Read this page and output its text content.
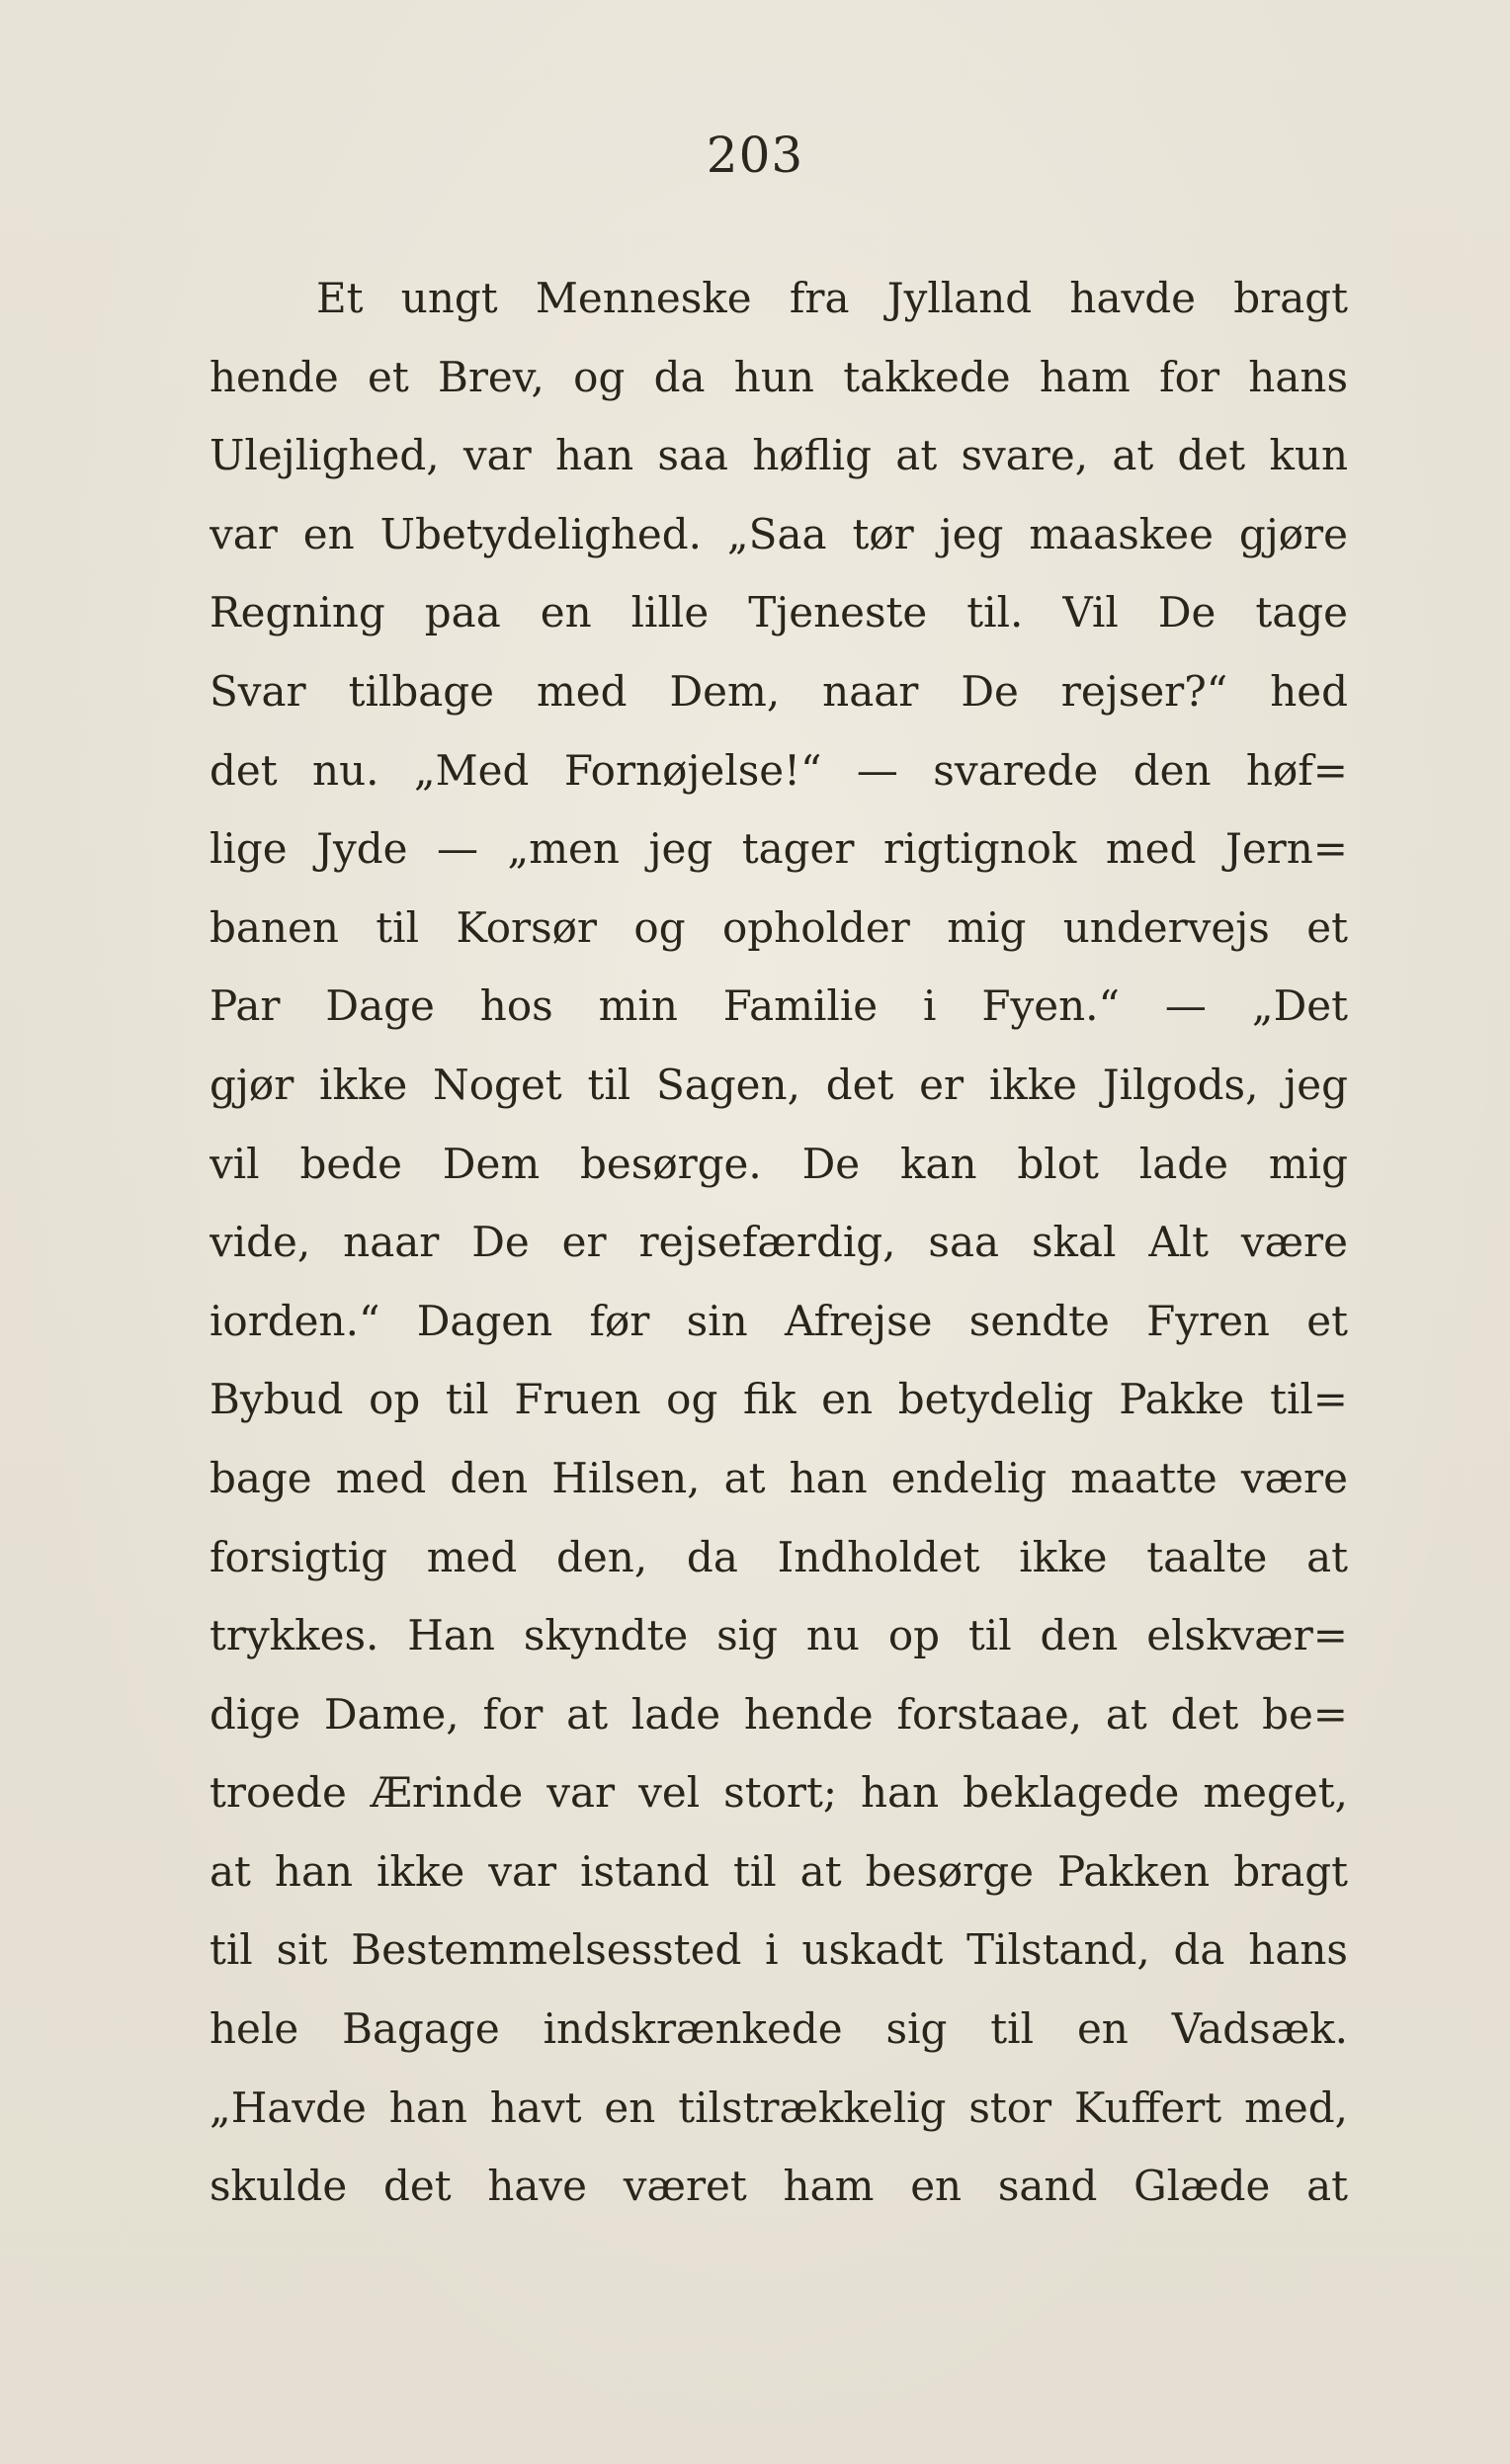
203
Et ungt Menneske fra Jylland havde bragt
hende et Brev, og da hun takkede ham for hans
Ulejlighed, var han saa høflig at svare, at det kun
var en Ubetydelighed. „Saa tør jeg maaskee gjøre
Regning paa en lille Tjeneste til. Vil De tage
Svar tilbage med Dem, naar De rejser?“ hed
det nu. „Med Fornøjelse!“ — svarede den høf=
lige Jyde — „men jeg tager rigtignok med Jern=
banen til Korsør og opholder mig undervejs et
Par Dage hos min Familie i Fyen.“ — „Det
gjør ikke Noget til Sagen, det er ikke Jilgods, jeg
vil bede Dem besørge. De kan blot lade mig
vide, naar De er rejsefærdig, saa skal Alt være
iorden.“ Dagen før sin Afrejse sendte Fyren et
Bybud op til Fruen og fik en betydelig Pakke til=
bage med den Hilsen, at han endelig maatte være
forsigtig med den, da Indholdet ikke taalte at
trykkes. Han skyndte sig nu op til den elskvær=
dige Dame, for at lade hende forstaae, at det be=
troede Ærinde var vel stort; han beklagede meget,
at han ikke var istand til at besørge Pakken bragt
til sit Bestemmelsessted i uskadt Tilstand, da hans
hele Bagage indskrænkede sig til en Vadsæk.
„Havde han havt en tilstrækkelig stor Kuffert med,
skulde det have været ham en sand Glæde at
